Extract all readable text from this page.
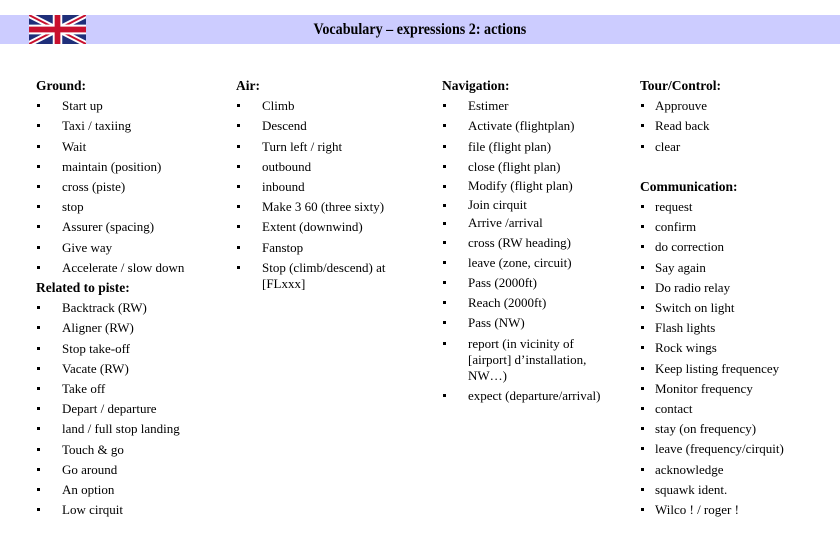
Vocabulary – expressions 2: actions
Ground:
Start up
Taxi / taxiing
Wait
maintain (position)
cross (piste)
stop
Assurer (spacing)
Give way
Accelerate / slow down
Related to piste:
Backtrack (RW)
Aligner (RW)
Stop take-off
Vacate (RW)
Take off
Depart / departure
land / full stop landing
Touch & go
Go around
An option
Low cirquit
Air:
Climb
Descend
Turn left / right
outbound
inbound
Make 3 60 (three sixty)
Extent (downwind)
Fanstop
Stop (climb/descend) at [FLxxx]
Navigation:
Estimer
Activate (flightplan)
file (flight plan)
close (flight plan)
Modify (flight plan)
Join cirquit
Arrive /arrival
cross (RW heading)
leave (zone, circuit)
Pass (2000ft)
Reach (2000ft)
Pass (NW)
report (in vicinity of [airport] d’installation, NW…)
expect (departure/arrival)
Tour/Control:
Approuve
Read back
clear
Communication:
request
confirm
do correction
Say again
Do radio relay
Switch on light
Flash lights
Rock wings
Keep listing frequencey
Monitor frequency
contact
stay (on frequency)
leave (frequency/cirquit)
acknowledge
squawk ident.
Wilco ! / roger !
